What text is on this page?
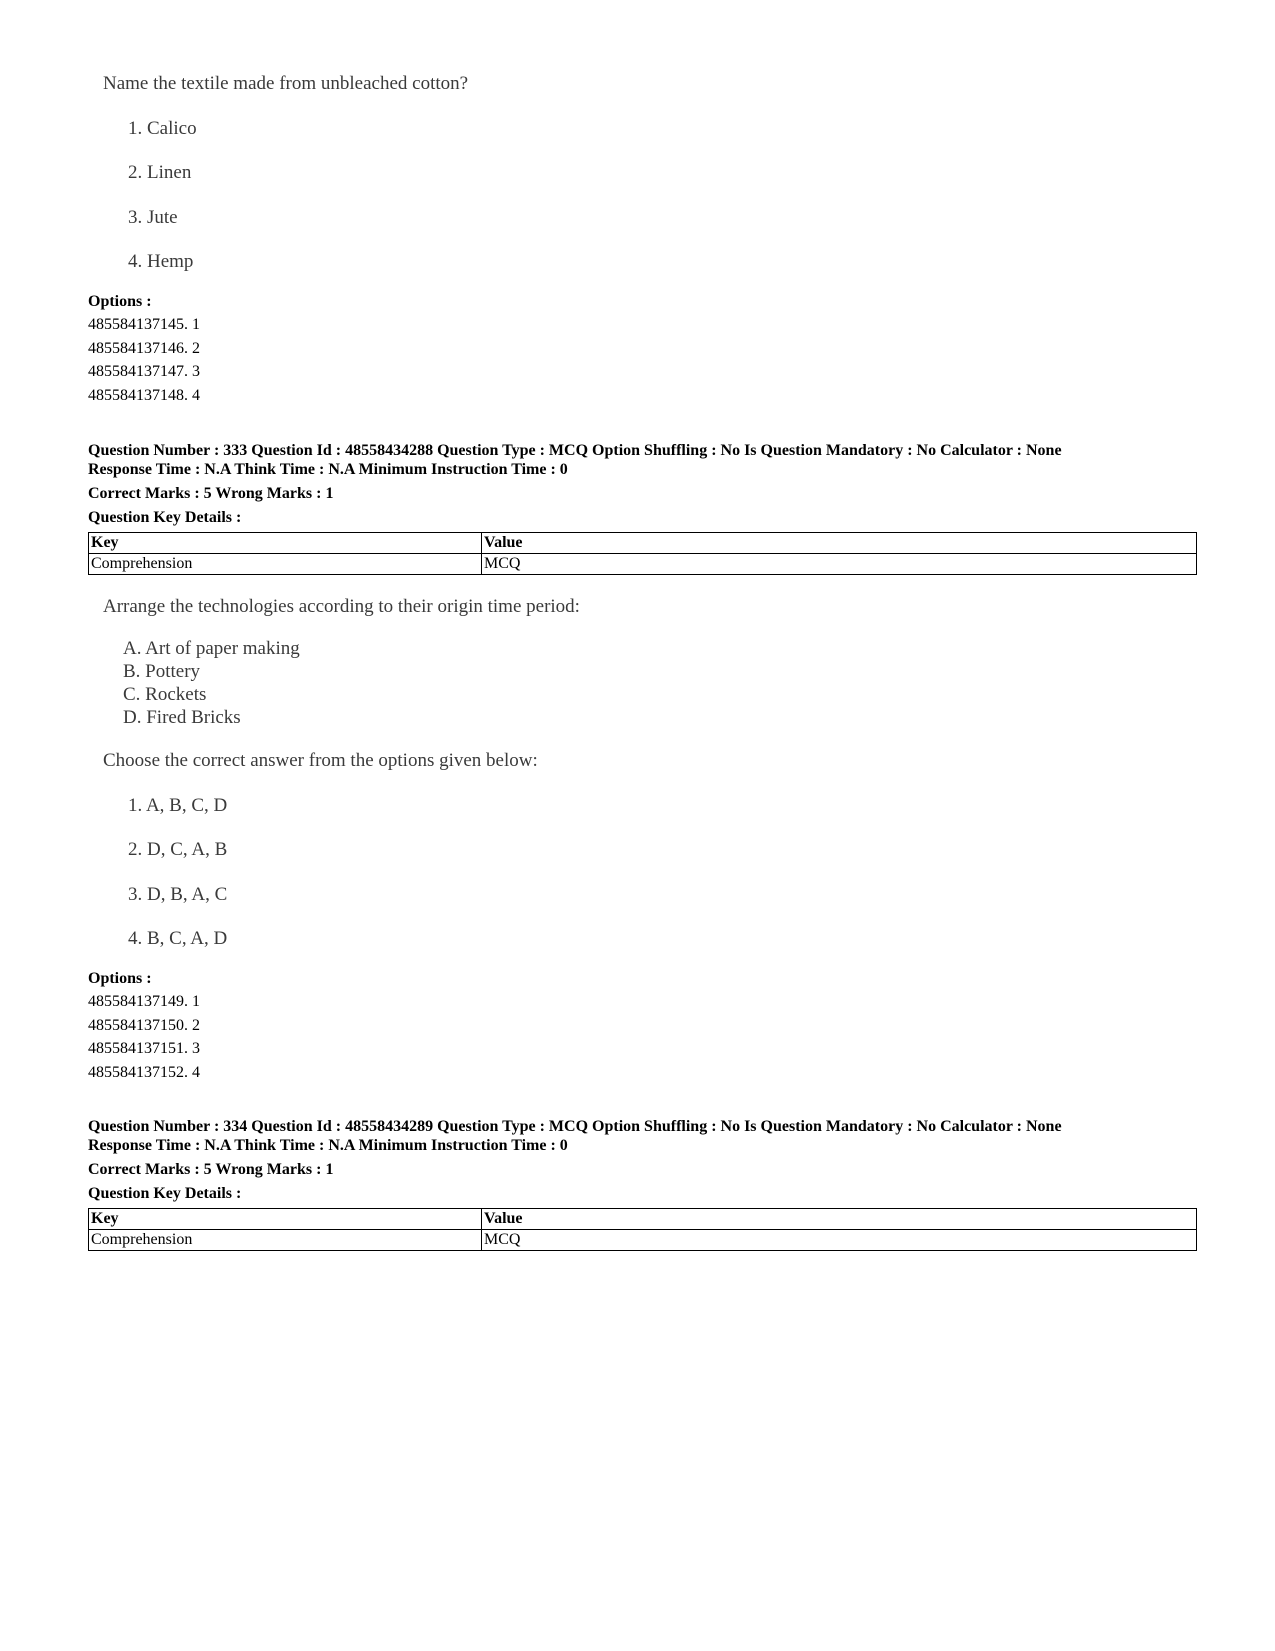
Name the textile made from unbleached cotton?
1. Calico
2. Linen
3. Jute
4. Hemp
Options :
485584137145. 1
485584137146. 2
485584137147. 3
485584137148. 4
Question Number : 333 Question Id : 48558434288 Question Type : MCQ Option Shuffling : No Is Question Mandatory : No Calculator : None
Response Time : N.A Think Time : N.A Minimum Instruction Time : 0
Correct Marks : 5 Wrong Marks : 1
Question Key Details :
Key	Value
Comprehension	MCQ
Arrange the technologies according to their origin time period:
A. Art of paper making
B. Pottery
C. Rockets
D. Fired Bricks
Choose the correct answer from the options given below:
1. A, B, C, D
2. D, C, A, B
3. D, B, A, C
4. B, C, A, D
Options :
485584137149. 1
485584137150. 2
485584137151. 3
485584137152. 4
Question Number : 334 Question Id : 48558434289 Question Type : MCQ Option Shuffling : No Is Question Mandatory : No Calculator : None
Response Time : N.A Think Time : N.A Minimum Instruction Time : 0
Correct Marks : 5 Wrong Marks : 1
Question Key Details :
Key	Value
Comprehension	MCQ
